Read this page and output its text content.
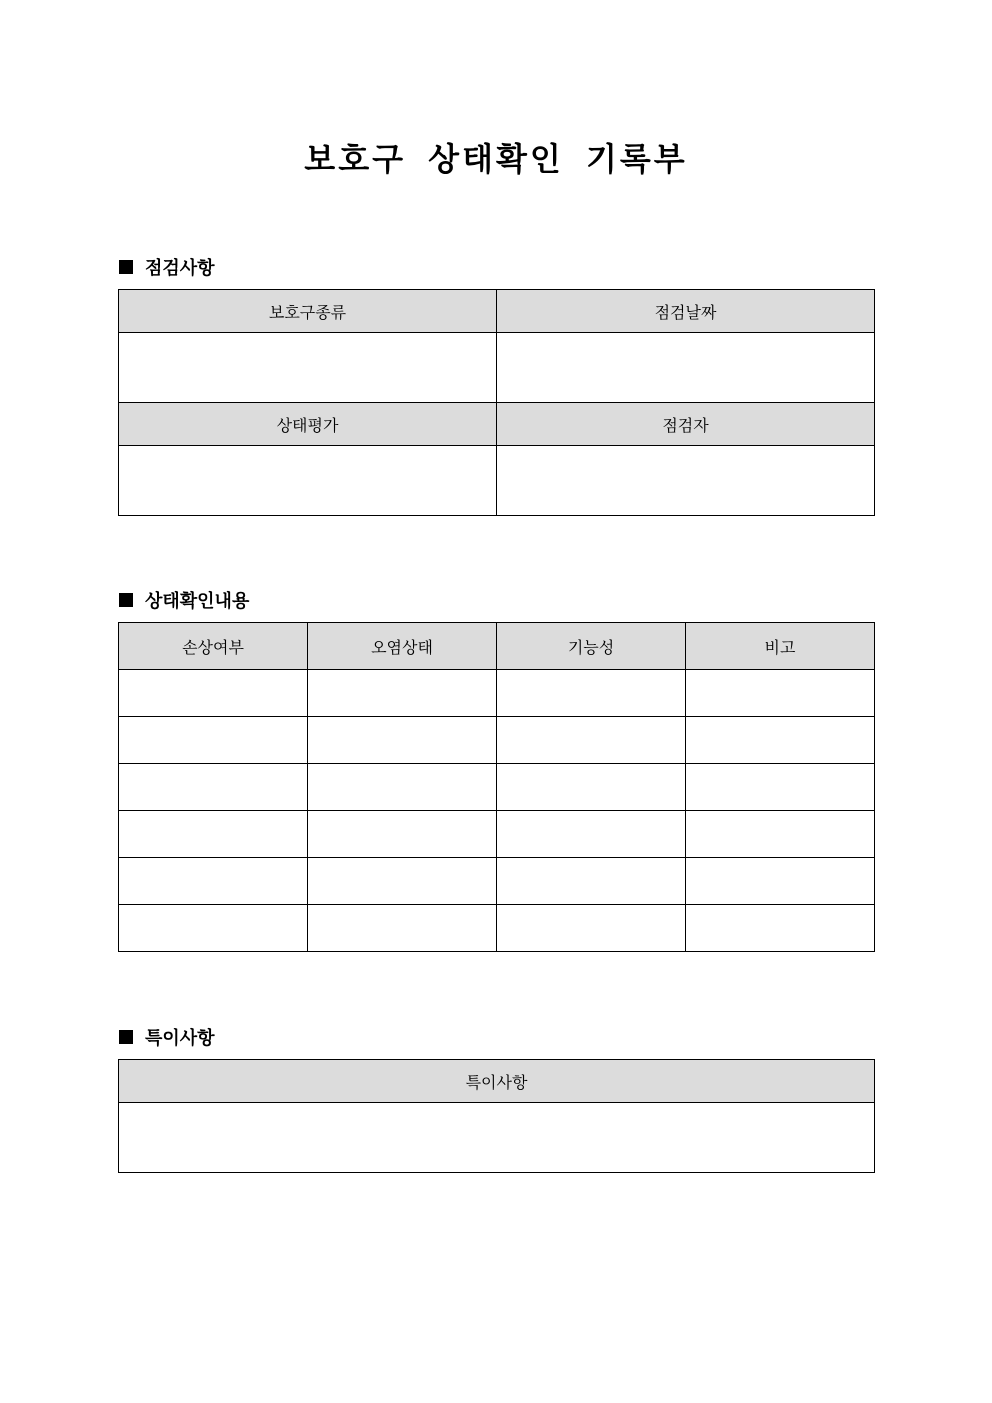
보호구 상태확인 기록부
점검사항
보호구종류	점검날짜

상태평가	점검자

상태확인내용
손상여부	오염상태	기능성	비고

특이사항
특이사항
